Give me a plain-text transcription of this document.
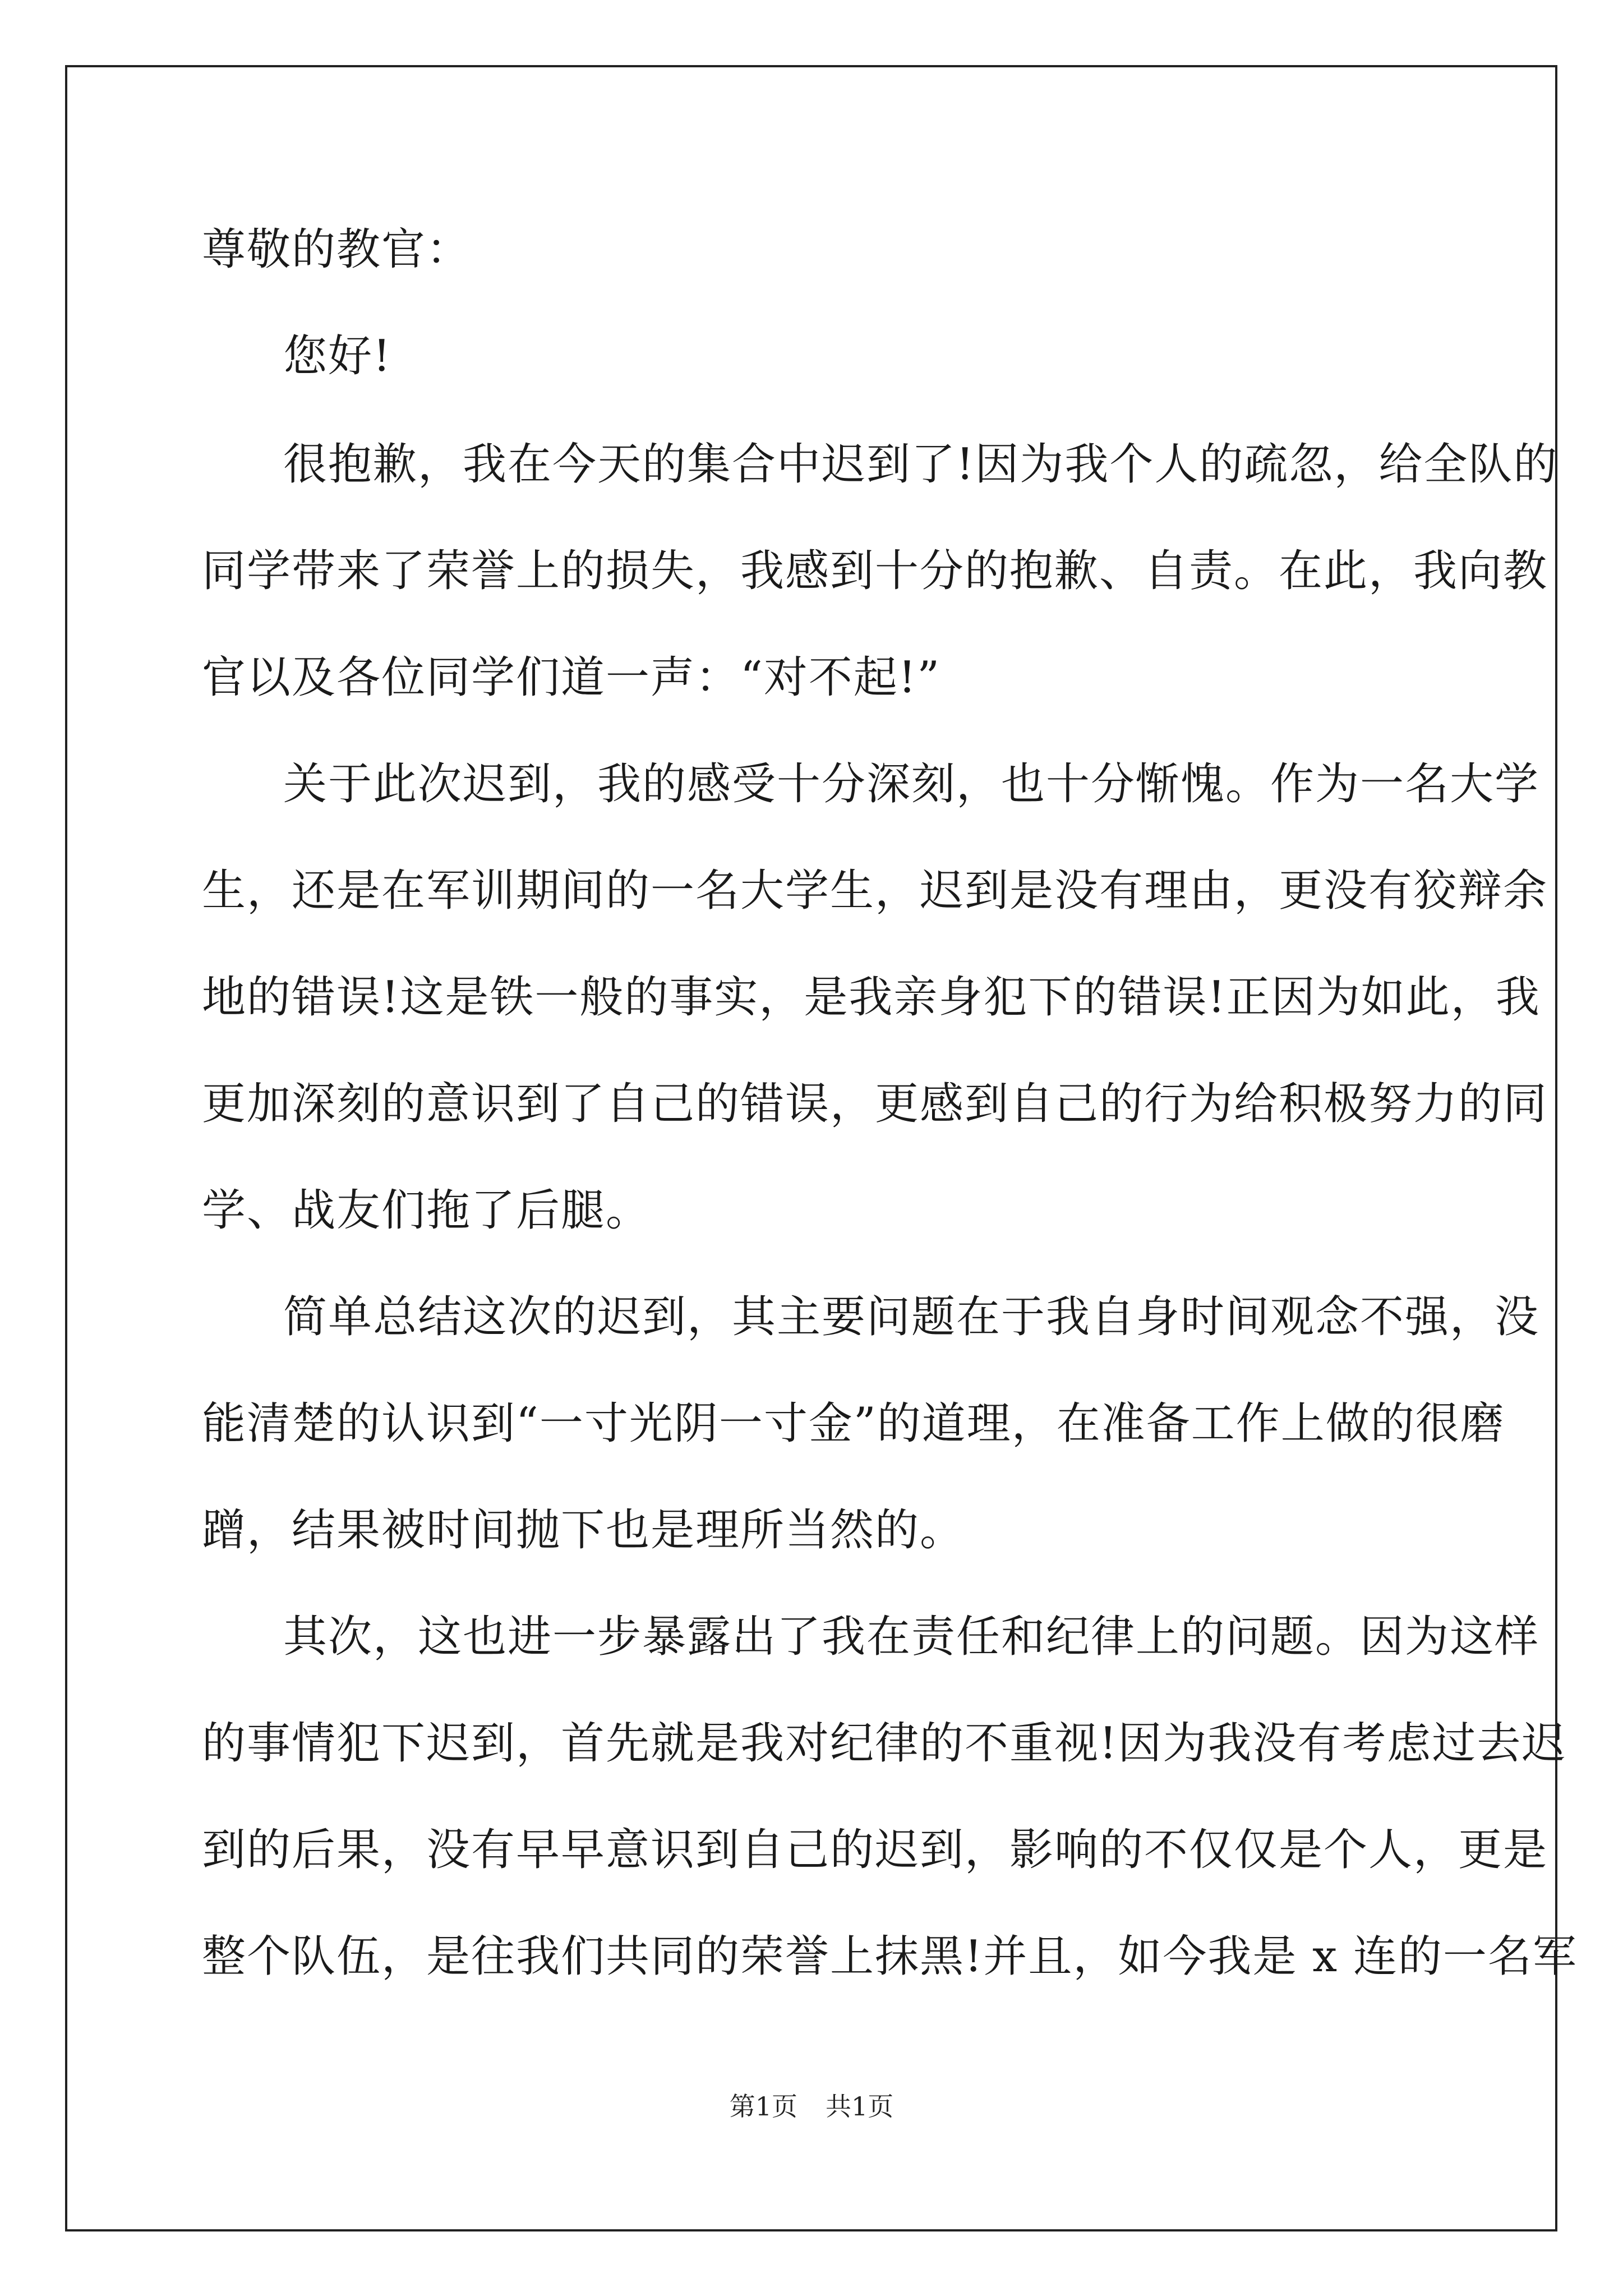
尊敬的教官：
您好!
很抱歉，我在今天的集合中迟到了!因为我个人的疏忽，给全队的
同学带来了荣誉上的损失，我感到十分的抱歉、自责。在此，我向教
官以及各位同学们道一声：“对不起!”
关于此次迟到，我的感受十分深刻，也十分惭愧。作为一名大学
生，还是在军训期间的一名大学生，迟到是没有理由，更没有狡辩余
地的错误!这是铁一般的事实，是我亲身犯下的错误!正因为如此，我
更加深刻的意识到了自己的错误，更感到自己的行为给积极努力的同
学、战友们拖了后腿。
简单总结这次的迟到，其主要问题在于我自身时间观念不强，没
能清楚的认识到“一寸光阴一寸金”的道理，在准备工作上做的很磨
蹭，结果被时间抛下也是理所当然的。
其次，这也进一步暴露出了我在责任和纪律上的问题。因为这样
的事情犯下迟到，首先就是我对纪律的不重视!因为我没有考虑过去迟
到的后果，没有早早意识到自己的迟到，影响的不仅仅是个人，更是
整个队伍，是往我们共同的荣誉上抹黑!并且，如今我是 x 连的一名军
第1页 共1页
